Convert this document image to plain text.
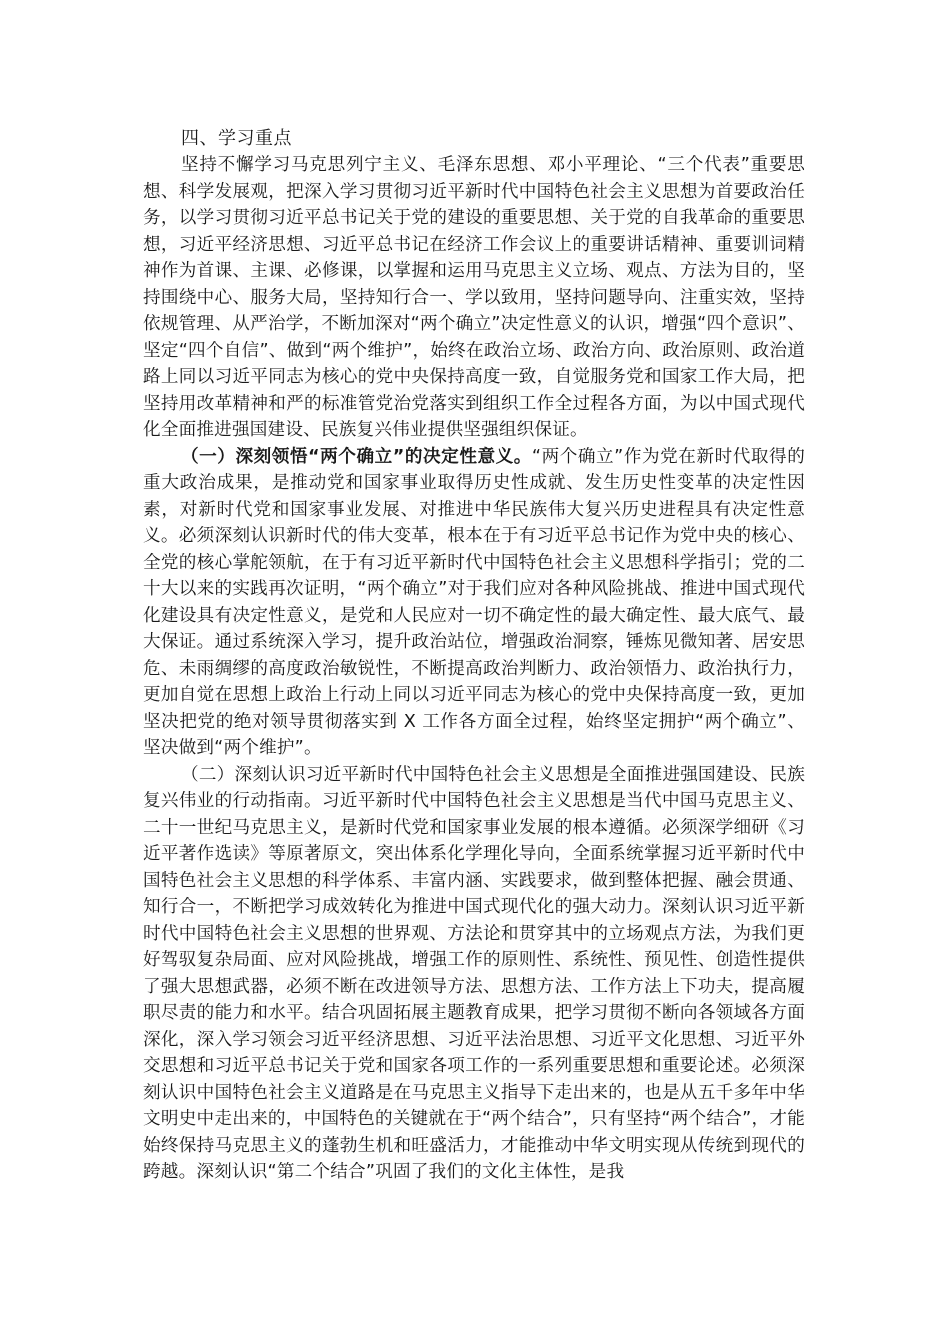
四、学习重点

坚持不懈学习马克思列宁主义、毛泽东思想、邓小平理论、“三个代表”重要思想、科学发展观，把深入学习贯彻习近平新时代中国特色社会主义思想为首要政治任务，以学习贯彻习近平总书记关于党的建设的重要思想、关于党的自我革命的重要思想，习近平经济思想、习近平总书记在经济工作会议上的重要讲话精神、重要训词精神作为首课、主课、必修课，以掌握和运用马克思主义立场、观点、方法为目的，坚持围绕中心、服务大局，坚持知行合一、学以致用，坚持问题导向、注重实效，坚持依规管理、从严治学，不断加深对“两个确立”决定性意义的认识，增强“四个意识”、坚定“四个自信”、做到“两个维护”，始终在政治立场、政治方向、政治原则、政治道路上同以习近平同志为核心的党中央保持高度一致，自觉服务党和国家工作大局，把坚持用改革精神和严的标准管党治党落实到组织工作全过程各方面，为以中国式现代化全面推进强国建设、民族复兴伟业提供坚强组织保证。

（一）深刻领悟“两个确立”的决定性意义。“两个确立”作为党在新时代取得的重大政治成果，是推动党和国家事业取得历史性成就、发生历史性变革的决定性因素，对新时代党和国家事业发展、对推进中华民族伟大复兴历史进程具有决定性意义。必须深刻认识新时代的伟大变革，根本在于有习近平总书记作为党中央的核心、全党的核心掌舵领航，在于有习近平新时代中国特色社会主义思想科学指引；党的二十大以来的实践再次证明，“两个确立”对于我们应对各种风险挑战、推进中国式现代化建设具有决定性意义，是党和人民应对一切不确定性的最大确定性、最大底气、最大保证。通过系统深入学习，提升政治站位，增强政治洞察，锤炼见微知著、居安思危、未雨绸缪的高度政治敏锐性，不断提高政治判断力、政治领悟力、政治执行力，更加自觉在思想上政治上行动上同以习近平同志为核心的党中央保持高度一致，更加坚决把党的绝对领导贯彻落实到 X 工作各方面全过程，始终坚定拥护“两个确立”、坚决做到“两个维护”。

（二）深刻认识习近平新时代中国特色社会主义思想是全面推进强国建设、民族复兴伟业的行动指南。习近平新时代中国特色社会主义思想是当代中国马克思主义、二十一世纪马克思主义，是新时代党和国家事业发展的根本遵循。必须深学细研《习近平著作选读》等原著原文，突出体系化学理化导向，全面系统掌握习近平新时代中国特色社会主义思想的科学体系、丰富内涵、实践要求，做到整体把握、融会贯通、知行合一，不断把学习成效转化为推进中国式现代化的强大动力。深刻认识习近平新时代中国特色社会主义思想的世界观、方法论和贯穿其中的立场观点方法，为我们更好驾驭复杂局面、应对风险挑战，增强工作的原则性、系统性、预见性、创造性提供了强大思想武器，必须不断在改进领导方法、思想方法、工作方法上下功夫，提高履职尽责的能力和水平。结合巩固拓展主题教育成果，把学习贯彻不断向各领域各方面深化，深入学习领会习近平经济思想、习近平法治思想、习近平文化思想、习近平外交思想和习近平总书记关于党和国家各项工作的一系列重要思想和重要论述。必须深刻认识中国特色社会主义道路是在马克思主义指导下走出来的，也是从五千多年中华文明史中走出来的，中国特色的关键就在于“两个结合”，只有坚持“两个结合”，才能始终保持马克思主义的蓬勃生机和旺盛活力，才能推动中华文明实现从传统到现代的跨越。深刻认识“第二个结合”巩固了我们的文化主体性，是我
